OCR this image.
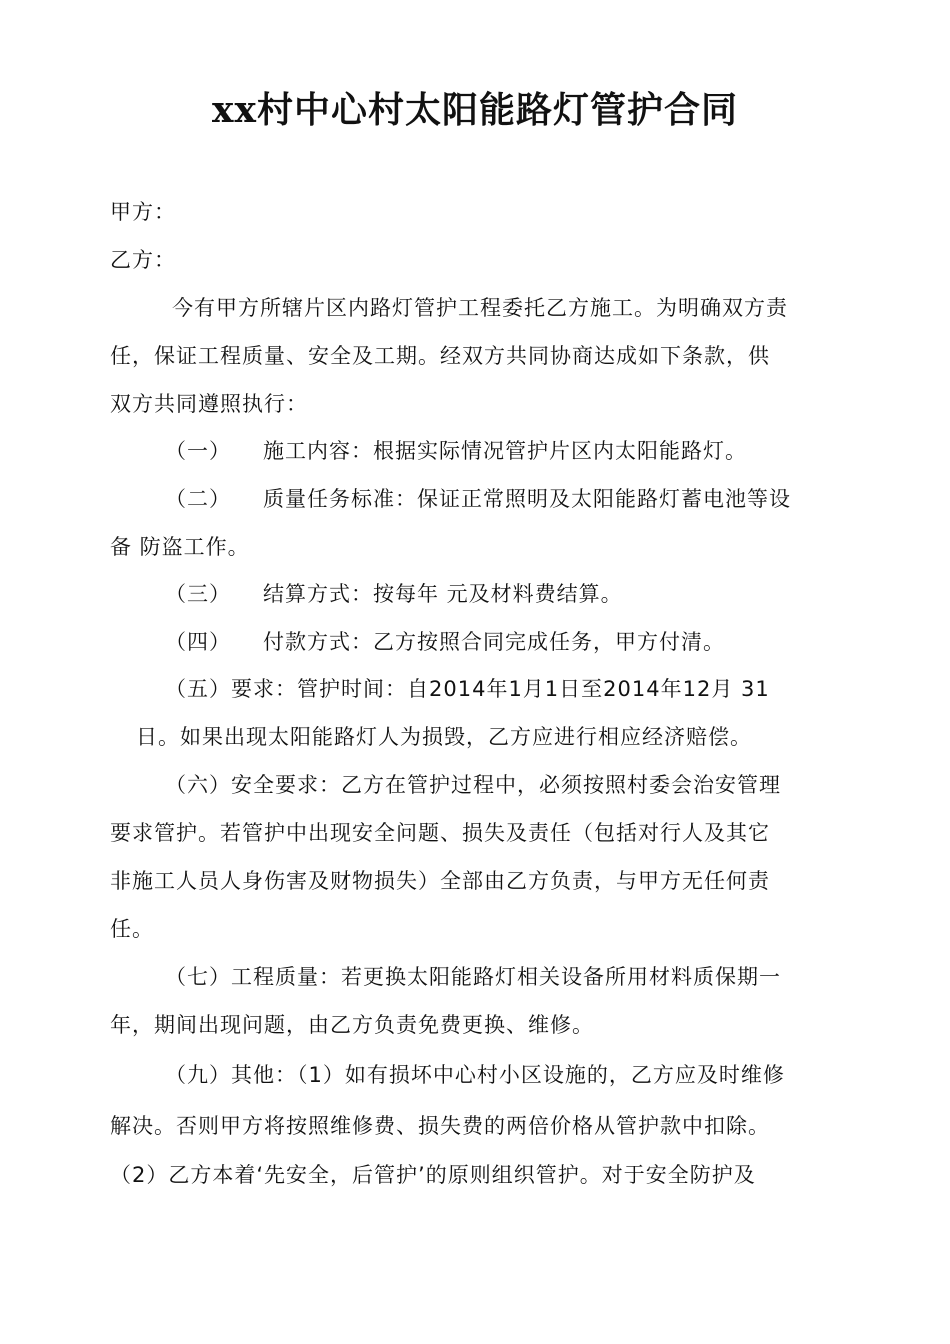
xx村中心村太阳能路灯管护合同
甲方：
乙方：
今有甲方所辖片区内路灯管护工程委托乙方施工。为明确双方责
任，保证工程质量、安全及工期。经双方共同协商达成如下条款，供
双方共同遵照执行：
（一） 施工内容：根据实际情况管护片区内太阳能路灯。
（二） 质量任务标准：保证正常照明及太阳能路灯蓄电池等设
备 防盗工作。
（三） 结算方式：按每年 元及材料费结算。
（四） 付款方式：乙方按照合同完成任务，甲方付清。
（五）要求：管护时间：自2014年1月1日至2014年12月 31
日。如果出现太阳能路灯人为损毁，乙方应进行相应经济赔偿。
（六）安全要求：乙方在管护过程中，必须按照村委会治安管理
要求管护。若管护中出现安全问题、损失及责任（包括对行人及其它
非施工人员人身伤害及财物损失）全部由乙方负责，与甲方无任何责
任。
（七）工程质量：若更换太阳能路灯相关设备所用材料质保期一
年，期间出现问题，由乙方负责免费更换、维修。
（九）其他：（1）如有损坏中心村小区设施的，乙方应及时维修
解决。否则甲方将按照维修费、损失费的两倍价格从管护款中扣除。
（2）乙方本着‘先安全，后管护’的原则组织管护。对于安全防护及
